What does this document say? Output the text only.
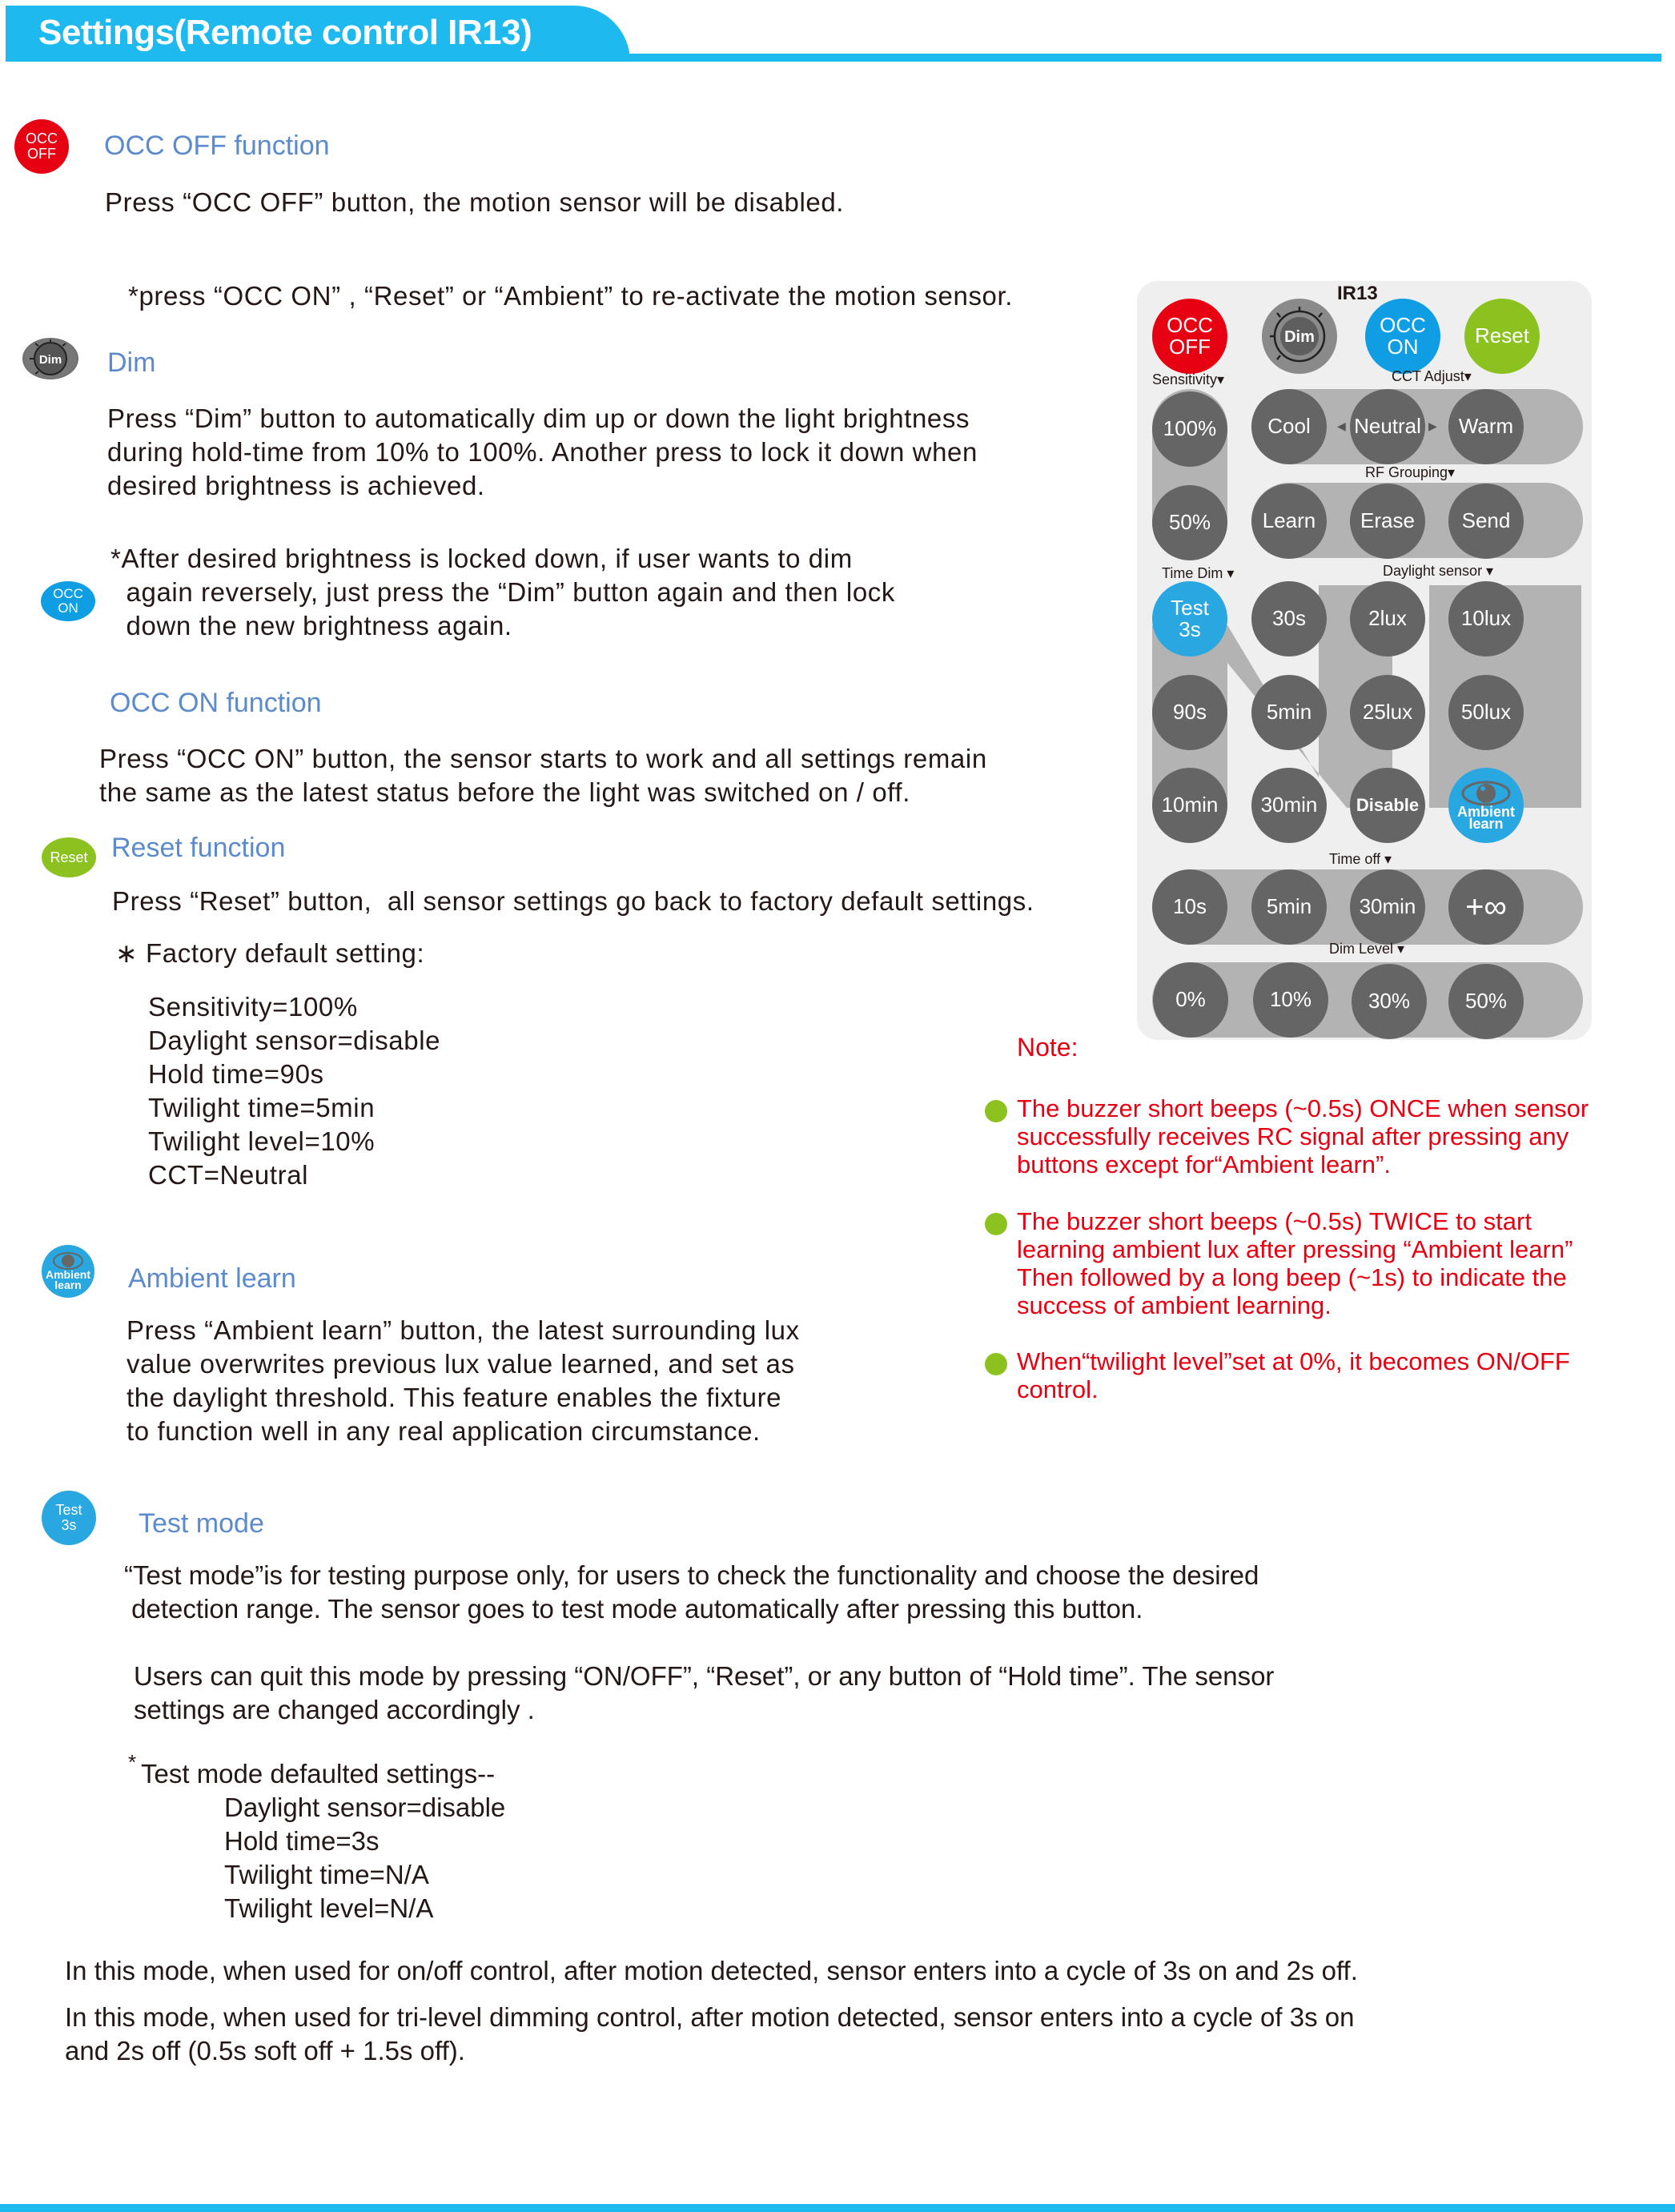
Settings(Remote control IR13)
OCC
OFF	OCC OFF function
Press “OCC OFF” button, the motion sensor will be disabled.
*press “OCC ON” , “Reset” or “Ambient” to re-activate the motion sensor.
Dim Dim
Press “Dim” button to automatically dim up or down the light brightness
during hold-time from 10% to 100%. Another press to lock it down when
desired brightness is achieved.
*After desired brightness is locked down, if user wants to dim
again reversely, just press the “Dim” button again and then lock
down the new brightness again.
OCC
ON
OCC ON function
Press “OCC ON” button, the sensor starts to work and all settings remain
the same as the latest status before the light was switched on / off.
Reset Reset function
Press “Reset” button,  all sensor settings go back to factory default settings.
∗ Factory default setting:
Sensitivity=100%
Daylight sensor=disable
Hold time=90s
Twilight time=5min
Twilight level=10%
CCT=Neutral
Ambient
learn	Ambient learn
Press “Ambient learn” button, the latest surrounding lux
value overwrites previous lux value learned, and set as
the daylight threshold. This feature enables the fixture
to function well in any real application circumstance.
Test
3s	Test mode
“Test mode”is for testing purpose only, for users to check the functionality and choose the desired
detection range. The sensor goes to test mode automatically after pressing this button.
Users can quit this mode by pressing “ON/OFF”, “Reset”, or any button of “Hold time”. The sensor
settings are changed accordingly .
* Test mode defaulted settings--
Daylight sensor=disable
Hold time=3s
Twilight time=N/A
Twilight level=N/A
In this mode, when used for on/off control, after motion detected, sensor enters into a cycle of 3s on and 2s off.
In this mode, when used for tri-level dimming control, after motion detected, sensor enters into a cycle of 3s on
and 2s off (0.5s soft off + 1.5s off).
IR13
OCC
OFF	Dim
OCC
ON	Reset
Sensitivity▾	CCT Adjust▾
100%
50%
Cool	Neutral
◀	▶	Warm
RF Grouping▾
Learn	Erase	Send
Time Dim ▾	Daylight sensor ▾
Test
3s	30s
90s	5min
10min	30min
2lux	10lux
25lux	50lux
Disable	Ambient
learn
Time off ▾
10s	5min	30min	+∞
Dim Level ▾
0%	10%	30%	50%
Note:
The buzzer short beeps (~0.5s) ONCE when sensor
successfully receives RC signal after pressing any
buttons except for“Ambient learn”.
The buzzer short beeps (~0.5s) TWICE to start
learning ambient lux after pressing “Ambient learn”
Then followed by a long beep (~1s) to indicate the
success of ambient learning.
When“twilight level”set at 0%, it becomes ON/OFF
control.
